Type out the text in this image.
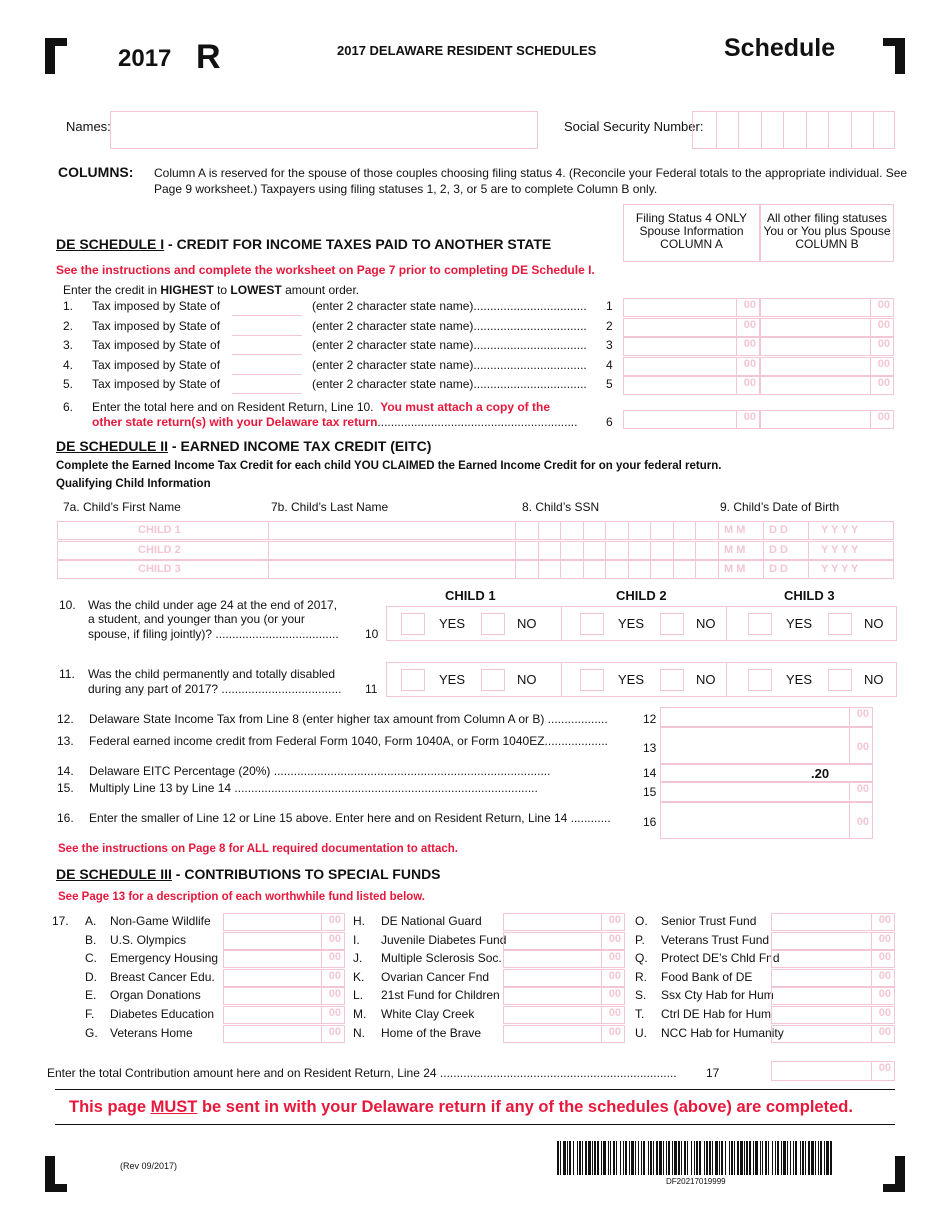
2017 R	2017 DELAWARE RESIDENT SCHEDULES	Schedule
Names:	Social Security Number:
COLUMNS: Column A is reserved for the spouse of those couples choosing filing status 4. (Reconcile your Federal totals to the appropriate individual. See
Page 9 worksheet.) Taxpayers using filing statuses 1, 2, 3, or 5 are to complete Column B only.
Filing Status 4 ONLY
Spouse Information
COLUMN A
All other filing statuses
You or You plus Spouse
COLUMN B
DE SCHEDULE I - CREDIT FOR INCOME TAXES PAID TO ANOTHER STATE
See the instructions and complete the worksheet on Page 7 prior to completing DE Schedule I.
Enter the credit in HIGHEST to LOWEST amount order.
1. Tax imposed by State of	(enter 2 character state name)..................................	1	00	00
2. Tax imposed by State of	(enter 2 character state name)..................................	2	00	00
3. Tax imposed by State of	(enter 2 character state name)..................................	3	00	00
4. Tax imposed by State of	(enter 2 character state name)..................................	4	00	00
5. Tax imposed by State of	(enter 2 character state name)..................................	5	00	00
6. Enter the total here and on Resident Return, Line 10. You must attach a copy of the
other state return(s) with your Delaware tax return............................................................ 6	00	00
DE SCHEDULE II - EARNED INCOME TAX CREDIT (EITC)
Complete the Earned Income Tax Credit for each child YOU CLAIMED the Earned Income Credit for on your federal return.
Qualifying Child Information
7a. Child’s First Name	7b. Child’s Last Name	8. Child’s SSN	9. Child’s Date of Birth
CHILD 1	M M D D	Y Y Y Y
CHILD 2	M M D D	Y Y Y Y
CHILD 3	M M D D	Y Y Y Y
CHILD 1	CHILD 2	CHILD 3
10. Was the child under age 24 at the end of 2017,
a student, and younger than you (or your
spouse, if filing jointly)? ..................................... 10
YES	NO	YES	NO	YES	NO
11. Was the child permanently and totally disabled
during any part of 2017? .................................... 11
YES	NO	YES	NO	YES	NO
12. Delaware State Income Tax from Line 8 (enter higher tax amount from Column A or B) ..................	12	00
13. Federal earned income credit from Federal Form 1040, Form 1040A, or Form 1040EZ...................	13	00
14. Delaware EITC Percentage (20%) ...................................................................................	14	.20
15. Multiply Line 13 by Line 14 ...........................................................................................	15	00
16. Enter the smaller of Line 12 or Line 15 above. Enter here and on Resident Return, Line 14 ............	16	00
See the instructions on Page 8 for ALL required documentation to attach.
DE SCHEDULE III - CONTRIBUTIONS TO SPECIAL FUNDS
See Page 13 for a description of each worthwhile fund listed below.
17. A. Non-Game Wildlife	00
B. U.S. Olympics	00
C. Emergency Housing	00
D. Breast Cancer Edu.	00
E. Organ Donations	00
F. Diabetes Education	00
G. Veterans Home	00
H. DE National Guard	00
I. Juvenile Diabetes Fund	00
J. Multiple Sclerosis Soc.	00
K. Ovarian Cancer Fnd	00
L. 21st Fund for Children	00
M. White Clay Creek	00
N. Home of the Brave	00
O. Senior Trust Fund	00
P. Veterans Trust Fund	00
Q. Protect DE’s Chld Fnd	00
R. Food Bank of DE	00
S. Ssx Cty Hab for Hum	00
T. Ctrl DE Hab for Hum	00
U. NCC Hab for Humanity	00
Enter the total Contribution amount here and on Resident Return, Line 24 .......................................................................	17	00
This page MUST be sent in with your Delaware return if any of the schedules (above) are completed.
(Rev 09/2017)
DF20217019999
